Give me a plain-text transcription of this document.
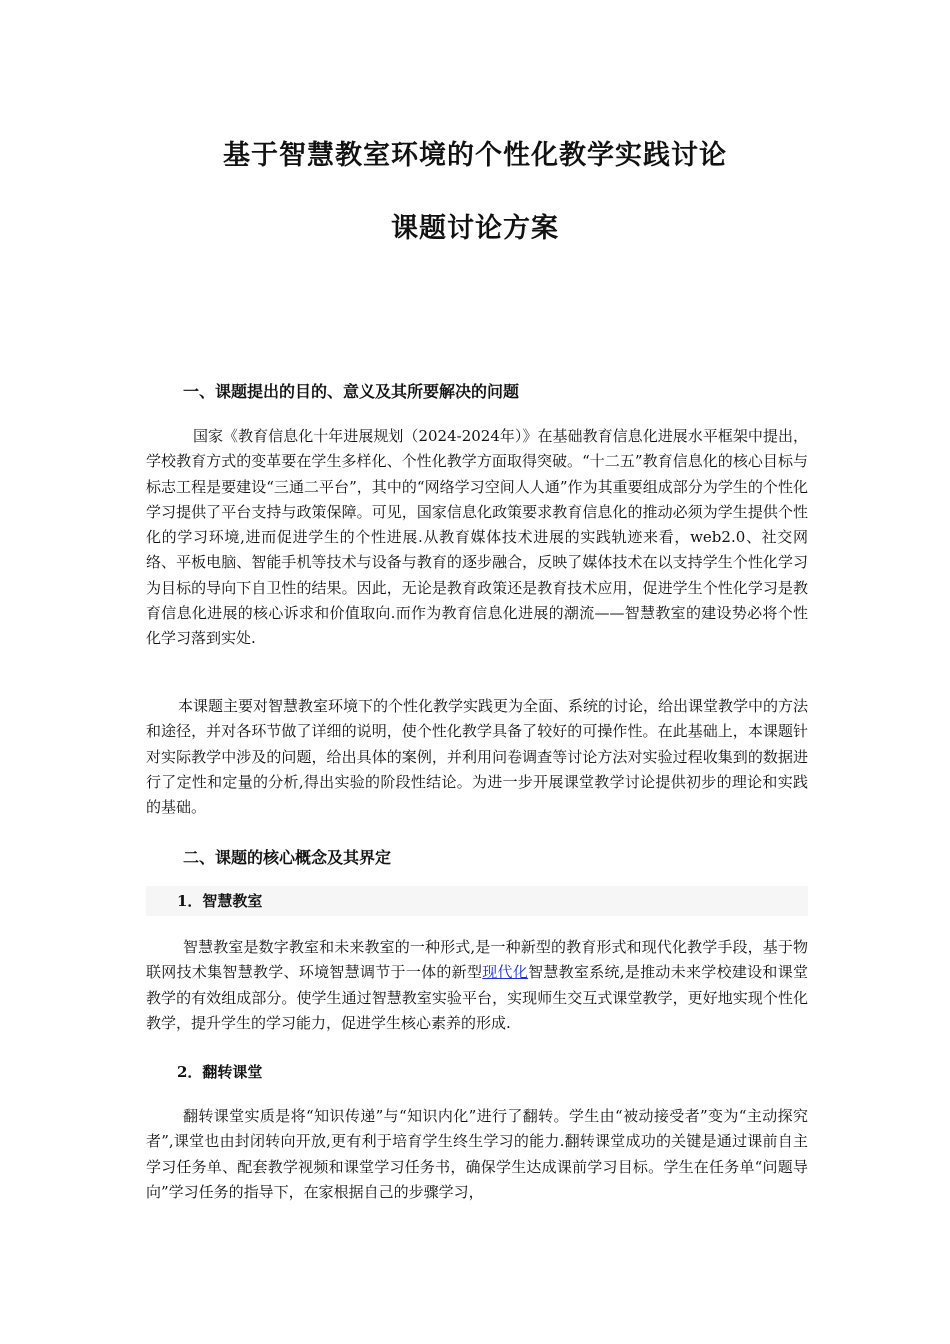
基于智慧教室环境的个性化教学实践讨论
课题讨论方案
一、课题提出的目的、意义及其所要解决的问题

国家《教育信息化十年进展规划（2024-2024年）》在基础教育信息化进展水平框架中提出，学校教育方式的变革要在学生多样化、个性化教学方面取得突破。“十二五”教育信息化的核心目标与标志工程是要建设“三通二平台”，其中的“网络学习空间人人通”作为其重要组成部分为学生的个性化学习提供了平台支持与政策保障。可见，国家信息化政策要求教育信息化的推动必须为学生提供个性化的学习环境,进而促进学生的个性进展.从教育媒体技术进展的实践轨迹来看，web2.0、社交网络、平板电脑、智能手机等技术与设备与教育的逐步融合，反映了媒体技术在以支持学生个性化学习为目标的导向下自卫性的结果。因此，无论是教育政策还是教育技术应用，促进学生个性化学习是教育信息化进展的核心诉求和价值取向.而作为教育信息化进展的潮流——智慧教室的建设势必将个性化学习落到实处.

本课题主要对智慧教室环境下的个性化教学实践更为全面、系统的讨论，给出课堂教学中的方法和途径，并对各环节做了详细的说明，使个性化教学具备了较好的可操作性。在此基础上，本课题针对实际教学中涉及的问题，给出具体的案例，并利用问卷调查等讨论方法对实验过程收集到的数据进行了定性和定量的分析,得出实验的阶段性结论。为进一步开展课堂教学讨论提供初步的理论和实践的基础。

二、课题的核心概念及其界定
1．智慧教室

智慧教室是数字教室和未来教室的一种形式,是一种新型的教育形式和现代化教学手段，基于物联网技术集智慧教学、环境智慧调节于一体的新型现代化智慧教室系统,是推动未来学校建设和课堂教学的有效组成部分。使学生通过智慧教室实验平台，实现师生交互式课堂教学，更好地实现个性化教学，提升学生的学习能力，促进学生核心素养的形成.

2．翻转课堂

翻转课堂实质是将“知识传递”与“知识内化”进行了翻转。学生由“被动接受者”变为“主动探究者”,课堂也由封闭转向开放,更有利于培育学生终生学习的能力.翻转课堂成功的关键是通过课前自主学习任务单、配套教学视频和课堂学习任务书，确保学生达成课前学习目标。学生在任务单“问题导向”学习任务的指导下，在家根据自己的步骤学习，
